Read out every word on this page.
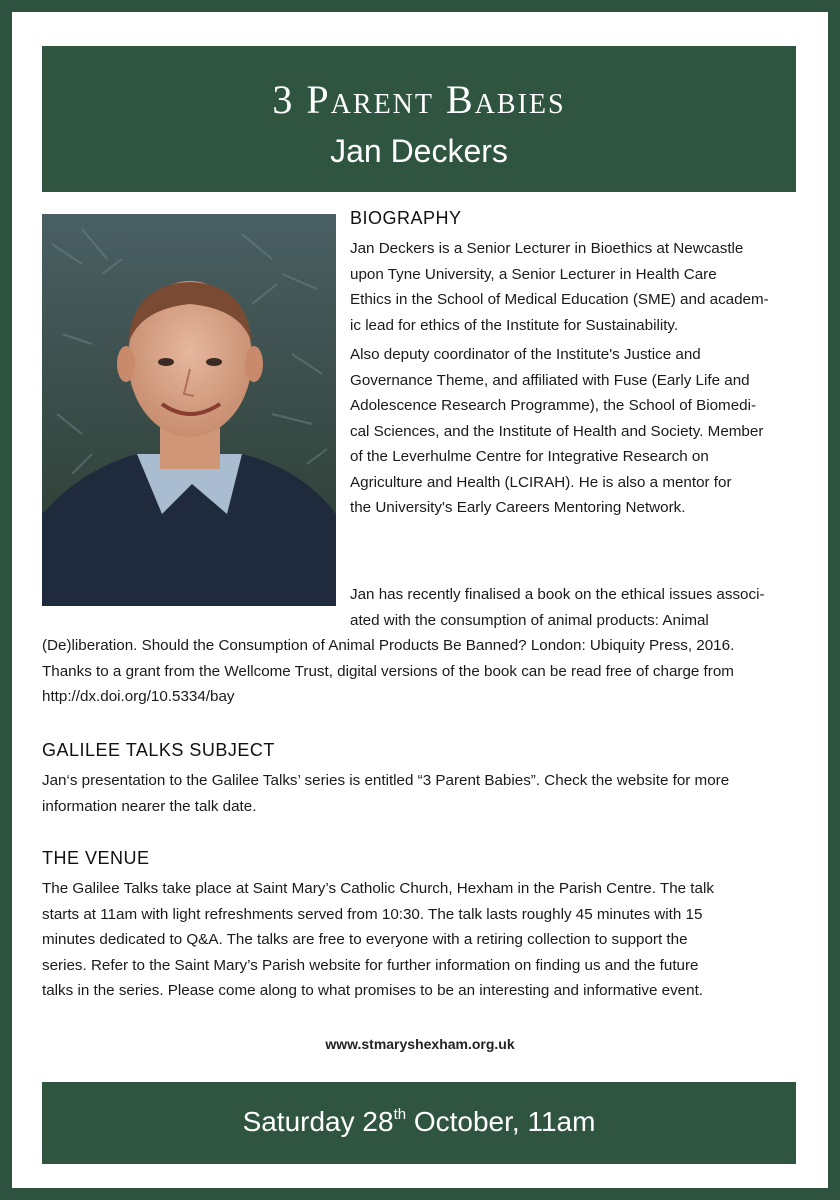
3 Parent Babies
Jan Deckers
BIOGRAPHY
Jan Deckers is a Senior Lecturer in Bioethics at Newcastle
upon Tyne University, a Senior Lecturer in Health Care
Ethics in the School of Medical Education (SME) and academ-
ic lead for ethics of the Institute for Sustainability.
Also deputy coordinator of the Institute's Justice and
Governance Theme, and affiliated with Fuse (Early Life and
Adolescence Research Programme), the School of Biomedi-
cal Sciences, and the Institute of Health and Society. Member
of the Leverhulme Centre for Integrative Research on
Agriculture and Health (LCIRAH). He is also a mentor for
the University's Early Careers Mentoring Network.
Jan has recently finalised a book on the ethical issues associ-
ated with the consumption of animal products: Animal
(De)liberation. Should the Consumption of Animal Products Be Banned? London: Ubiquity Press, 2016.
Thanks to a grant from the Wellcome Trust, digital versions of the book can be read free of charge from
http://dx.doi.org/10.5334/bay
GALILEE TALKS SUBJECT
Jan‘s presentation to the Galilee Talks’ series is entitled “3 Parent Babies”. Check the website for more
information nearer the talk date.
THE VENUE
The Galilee Talks take place at Saint Mary’s Catholic Church, Hexham in the Parish Centre. The talk
starts at 11am with light refreshments served from 10:30. The talk lasts roughly 45 minutes with 15
minutes dedicated to Q&A. The talks are free to everyone with a retiring collection to support the
series. Refer to the Saint Mary’s Parish website for further information on finding us and the future
talks in the series. Please come along to what promises to be an interesting and informative event.
www.stmaryshexham.org.uk
Saturday 28th October, 11am
